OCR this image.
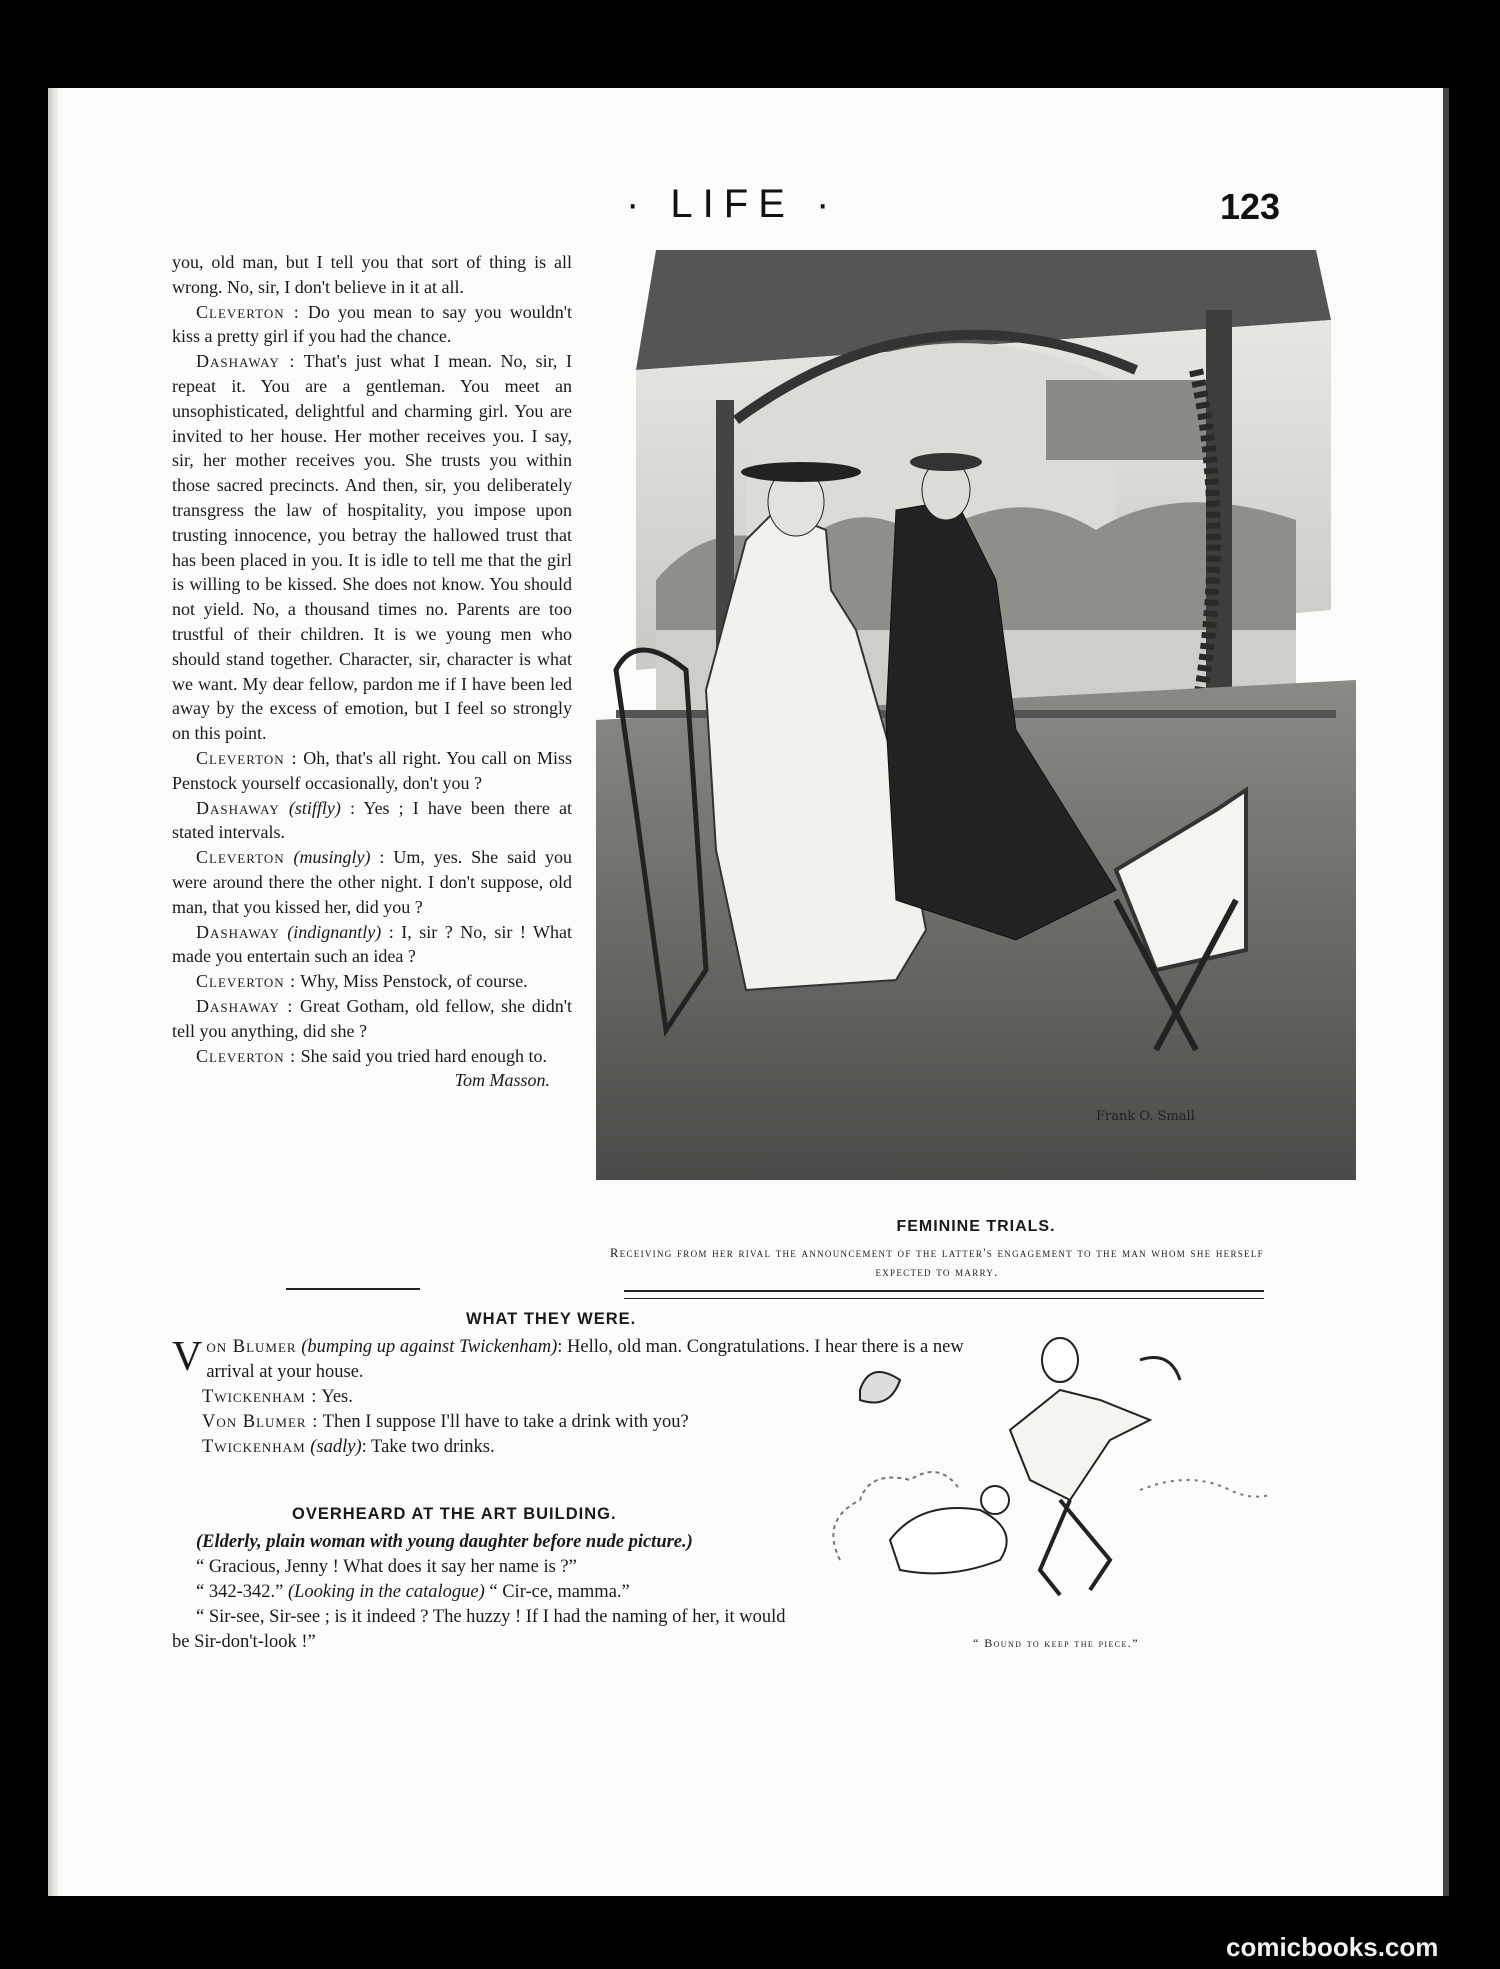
· LIFE ·	123

you, old man, but I tell you that sort of thing is all wrong. No, sir, I don't believe in it at all.

Cleverton : Do you mean to say you wouldn't kiss a pretty girl if you had the chance.

Dashaway : That's just what I mean. No, sir, I repeat it. You are a gentleman. You meet an unsophisticated, delightful and charming girl. You are invited to her house. Her mother receives you. I say, sir, her mother receives you. She trusts you within those sacred precincts. And then, sir, you deliberately transgress the law of hospitality, you impose upon trusting innocence, you betray the hallowed trust that has been placed in you. It is idle to tell me that the girl is willing to be kissed. She does not know. You should not yield. No, a thousand times no. Parents are too trustful of their children. It is we young men who should stand together. Character, sir, character is what we want. My dear fellow, pardon me if I have been led away by the excess of emotion, but I feel so strongly on this point.

Cleverton : Oh, that's all right. You call on Miss Penstock yourself occasionally, don't you ?

Dashaway (stiffly) : Yes ; I have been there at stated intervals.

Cleverton (musingly) : Um, yes. She said you were around there the other night. I don't suppose, old man, that you kissed her, did you ?

Dashaway (indignantly) : I, sir ? No, sir ! What made you entertain such an idea ?

Cleverton : Why, Miss Penstock, of course.

Dashaway : Great Gotham, old fellow, she didn't tell you anything, did she ?

Cleverton : She said you tried hard enough to.
Tom Masson.

Frank O. Small
FEMININE TRIALS.
Receiving from her rival the announcement of the latter's engagement to the man whom she herself expected to marry.
WHAT THEY WERE.

Von Blumer (bumping up against Twickenham): Hello, old man. Congratulations. I hear there is a new arrival at your house.

Twickenham : Yes.

Von Blumer : Then I suppose I'll have to take a drink with you?

Twickenham (sadly): Take two drinks.

OVERHEARD AT THE ART BUILDING.

(Elderly, plain woman with young daughter before nude picture.)

“ Gracious, Jenny ! What does it say her name is ?”

“ 342-342.” (Looking in the catalogue) “ Cir-ce, mamma.”

“ Sir-see, Sir-see ; is it indeed ? The huzzy ! If I had the naming of her, it would be Sir-don't-look !”	“ Bound to keep the piece.”
comicbooks.com
